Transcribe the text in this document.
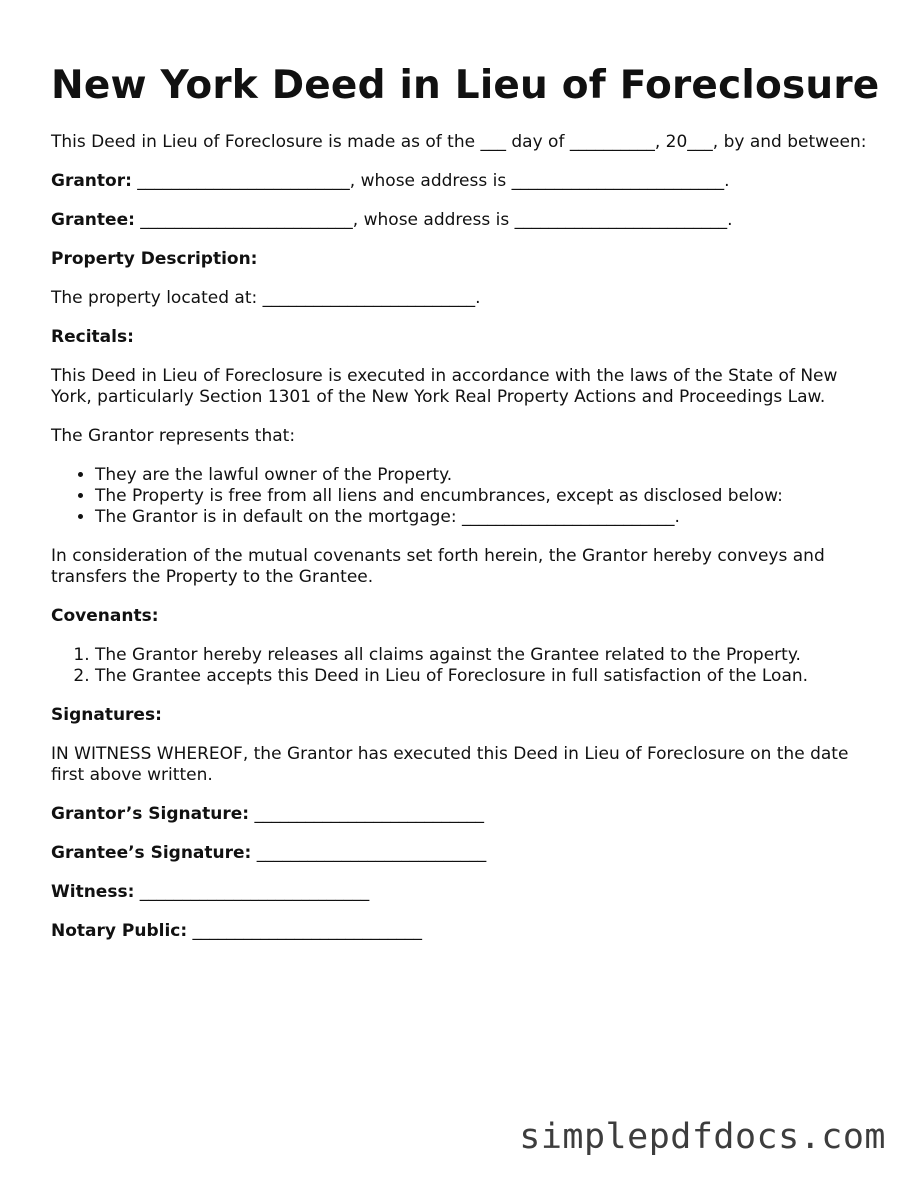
New York Deed in Lieu of Foreclosure

This Deed in Lieu of Foreclosure is made as of the ___ day of __________, 20___, by and between:

Grantor: _________________________, whose address is _________________________.

Grantee: _________________________, whose address is _________________________.

Property Description:

The property located at: _________________________.

Recitals:

This Deed in Lieu of Foreclosure is executed in accordance with the laws of the State of New York, particularly Section 1301 of the New York Real Property Actions and Proceedings Law.

The Grantor represents that:

• They are the lawful owner of the Property.
• The Property is free from all liens and encumbrances, except as disclosed below:
• The Grantor is in default on the mortgage: _________________________.

In consideration of the mutual covenants set forth herein, the Grantor hereby conveys and transfers the Property to the Grantee.

Covenants:

1. The Grantor hereby releases all claims against the Grantee related to the Property.
2. The Grantee accepts this Deed in Lieu of Foreclosure in full satisfaction of the Loan.

Signatures:

IN WITNESS WHEREOF, the Grantor has executed this Deed in Lieu of Foreclosure on the date first above written.

Grantor’s Signature: ___________________________

Grantee’s Signature: ___________________________

Witness: ___________________________

Notary Public: ___________________________

simplepdfdocs.com
